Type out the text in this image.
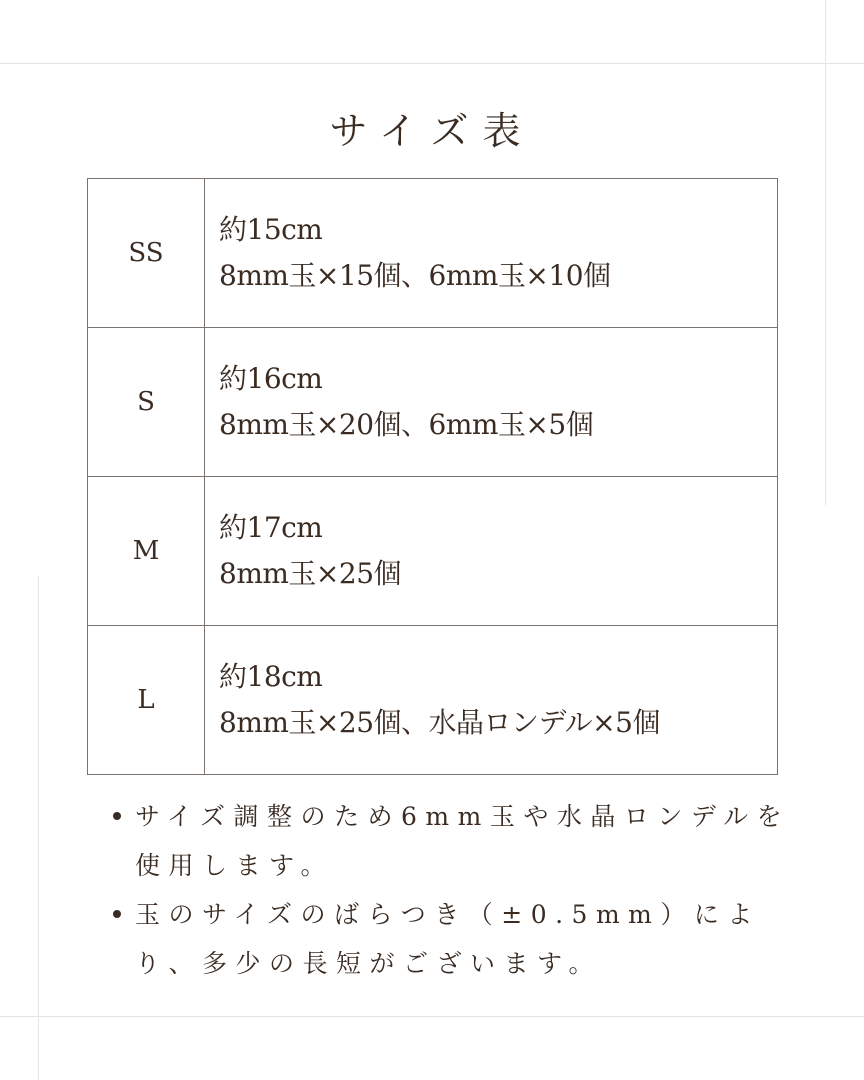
サイズ表
SS	約15cm
8mm玉×15個、6mm玉×10個

S	約16cm
8mm玉×20個、6mm玉×5個

M	約17cm
8mm玉×25個

L	約18cm
8mm玉×25個、水晶ロンデル×5個
サイズ調整のため6mm玉や水晶ロンデルを使用します。
玉のサイズのばらつき（±0.5mm）により、多少の長短がございます。
